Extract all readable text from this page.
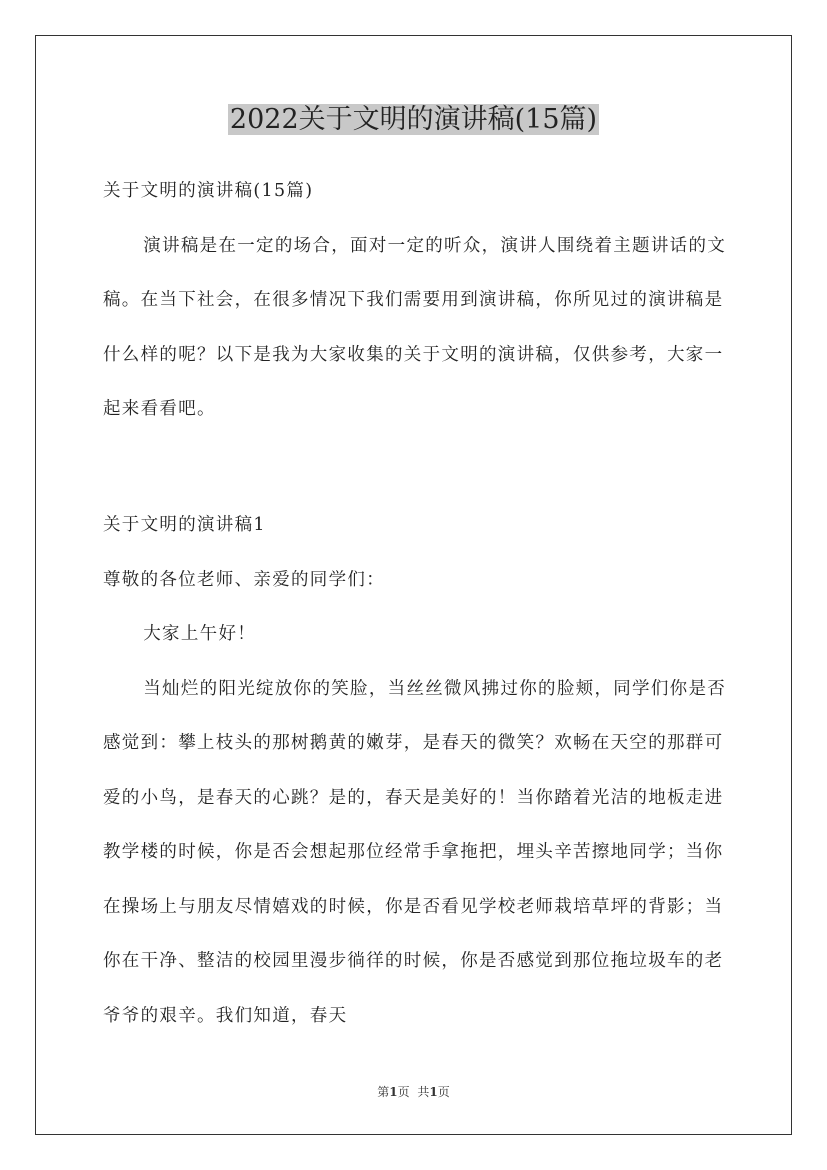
2022关于文明的演讲稿(15篇)

关于文明的演讲稿(15篇)

演讲稿是在一定的场合，面对一定的听众，演讲人围绕着主题讲话的文稿。在当下社会，在很多情况下我们需要用到演讲稿，你所见过的演讲稿是什么样的呢？以下是我为大家收集的关于文明的演讲稿，仅供参考，大家一起来看看吧。

关于文明的演讲稿1

尊敬的各位老师、亲爱的同学们：

大家上午好！

当灿烂的阳光绽放你的笑脸，当丝丝微风拂过你的脸颊，同学们你是否感觉到：攀上枝头的那树鹅黄的嫩芽，是春天的微笑？欢畅在天空的那群可爱的小鸟，是春天的心跳？是的，春天是美好的！当你踏着光洁的地板走进教学楼的时候，你是否会想起那位经常手拿拖把，埋头辛苦擦地同学；当你在操场上与朋友尽情嬉戏的时候，你是否看见学校老师栽培草坪的背影；当你在干净、整洁的校园里漫步徜徉的时候，你是否感觉到那位拖垃圾车的老爷爷的艰辛。我们知道，春天

第1页 共1页
